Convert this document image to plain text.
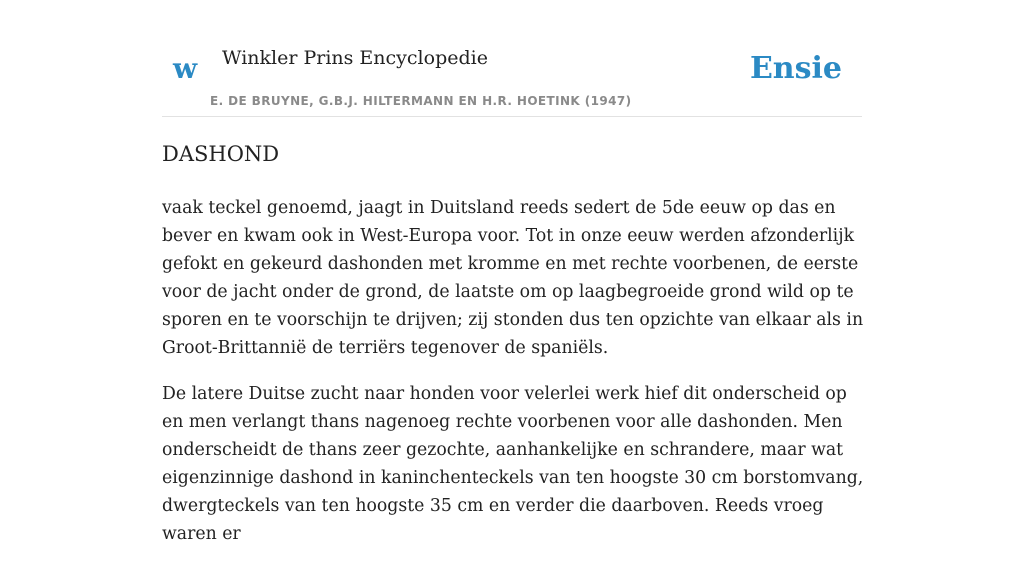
w Winkler Prins Encyclopedie
E. DE BRUYNE, G.B.J. HILTERMANN EN H.R. HOETINK (1947)
Ensie
DASHOND

vaak teckel genoemd, jaagt in Duitsland reeds sedert de 5de eeuw op das en bever en kwam ook in West-Europa voor. Tot in onze eeuw werden afzonderlijk gefokt en gekeurd dashonden met kromme en met rechte voorbenen, de eerste voor de jacht onder de grond, de laatste om op laagbegroeide grond wild op te sporen en te voorschijn te drijven; zij stonden dus ten opzichte van elkaar als in Groot-Brittannië de terriërs tegenover de spaniëls.

De latere Duitse zucht naar honden voor velerlei werk hief dit onderscheid op en men verlangt thans nagenoeg rechte voorbenen voor alle dashonden. Men onderscheidt de thans zeer gezochte, aanhankelijke en schrandere, maar wat eigenzinnige dashond in kaninchenteckels van ten hoogste 30 cm borstomvang, dwergteckels van ten hoogste 35 cm en verder die daarboven. Reeds vroeg waren er
